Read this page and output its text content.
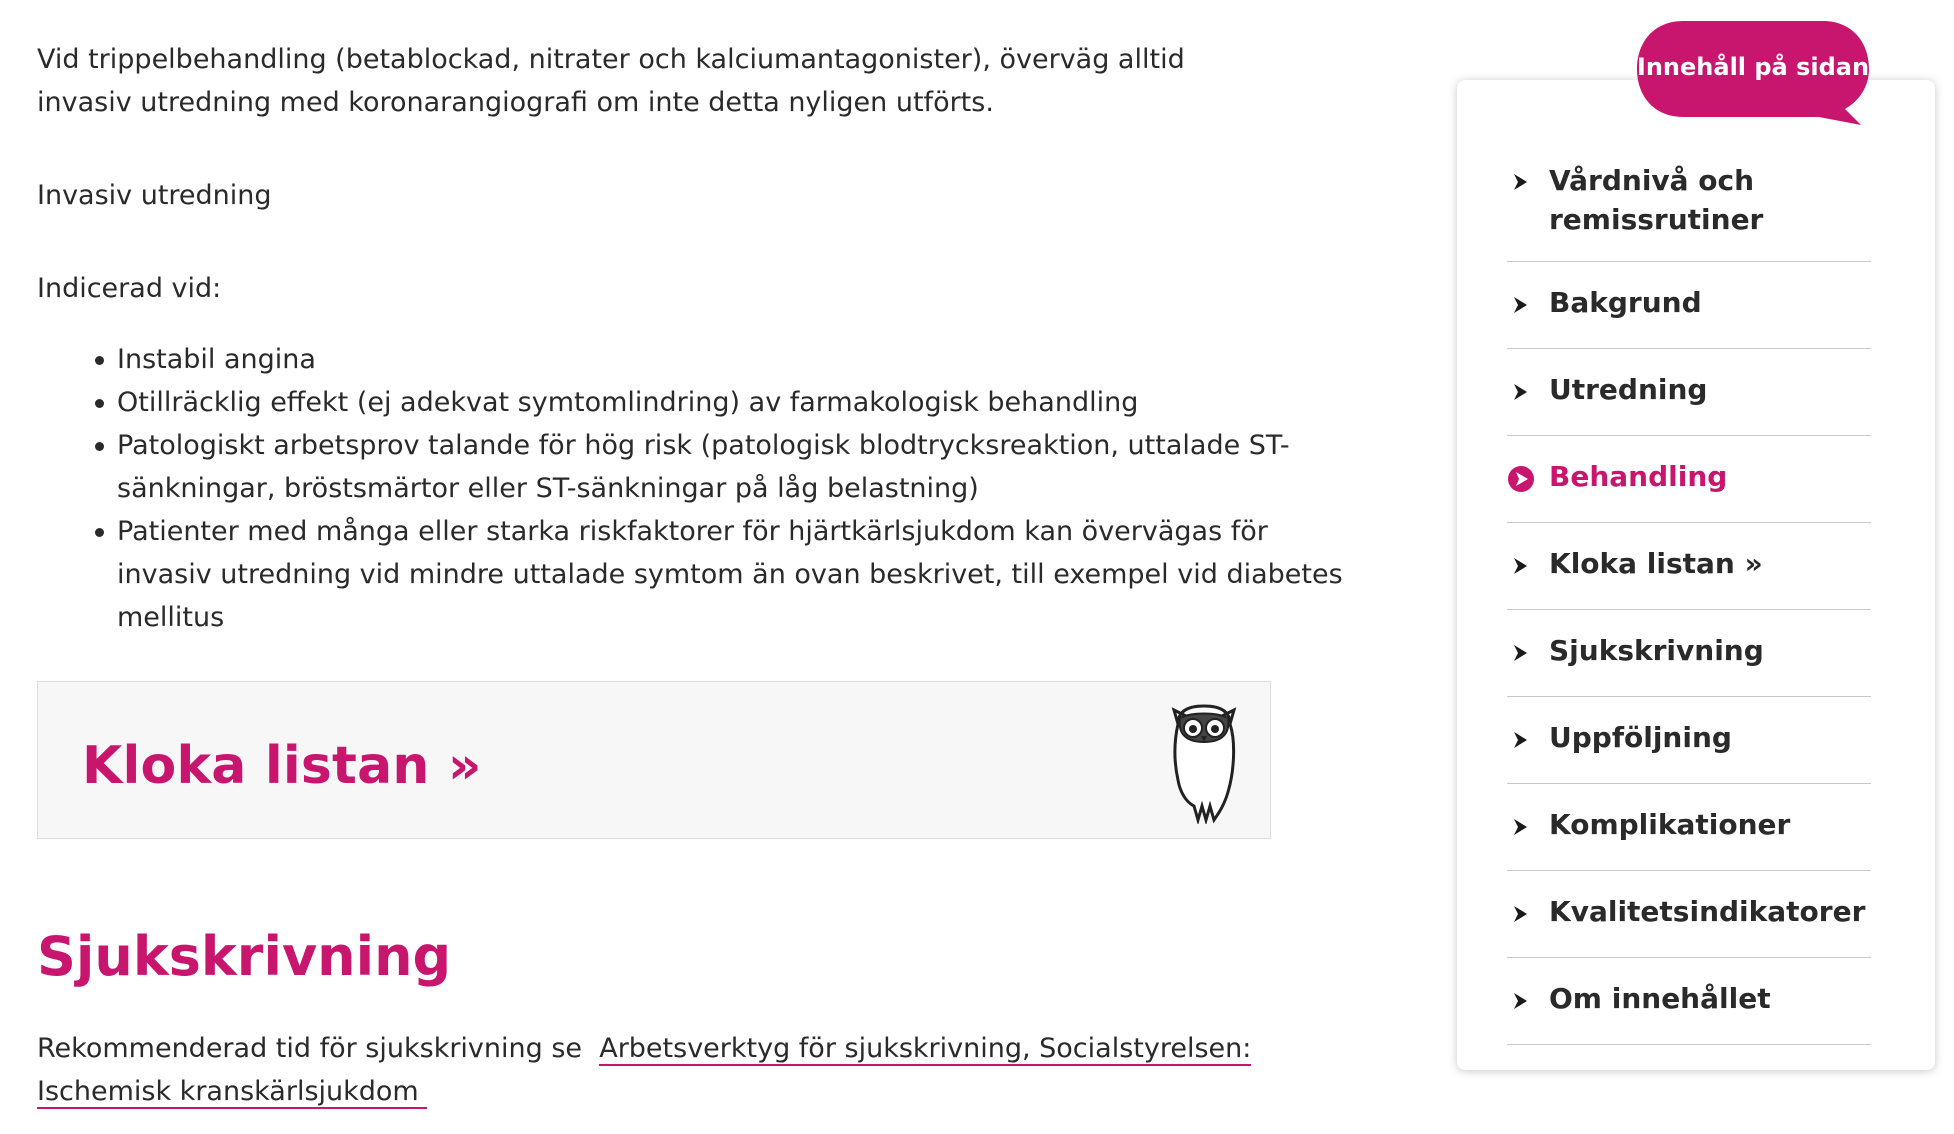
Vid trippelbehandling (betablockad, nitrater och kalciumantagonister), överväg alltid invasiv utredning med koronarangiografi om inte detta nyligen utförts.

Invasiv utredning

Indicerad vid:

Instabil angina
Otillräcklig effekt (ej adekvat symtomlindring) av farmakologisk behandling
Patologiskt arbetsprov talande för hög risk (patologisk blodtrycksreaktion, uttalade ST-sänkningar, bröstsmärtor eller ST-sänkningar på låg belastning)
Patienter med många eller starka riskfaktorer för hjärtkärlsjukdom kan övervägas för invasiv utredning vid mindre uttalade symtom än ovan beskrivet, till exempel vid diabetes mellitus
Kloka listan »
Sjukskrivning

Rekommenderad tid för sjukskrivning se Arbetsverktyg för sjukskrivning, Socialstyrelsen: Ischemisk kranskärlsjukdom

Vårdnivå och remissrutiner
Bakgrund
Utredning
Behandling
Kloka listan »
Sjukskrivning
Uppföljning
Komplikationer
Kvalitetsindikatorer
Om innehållet
Innehåll på sidan
